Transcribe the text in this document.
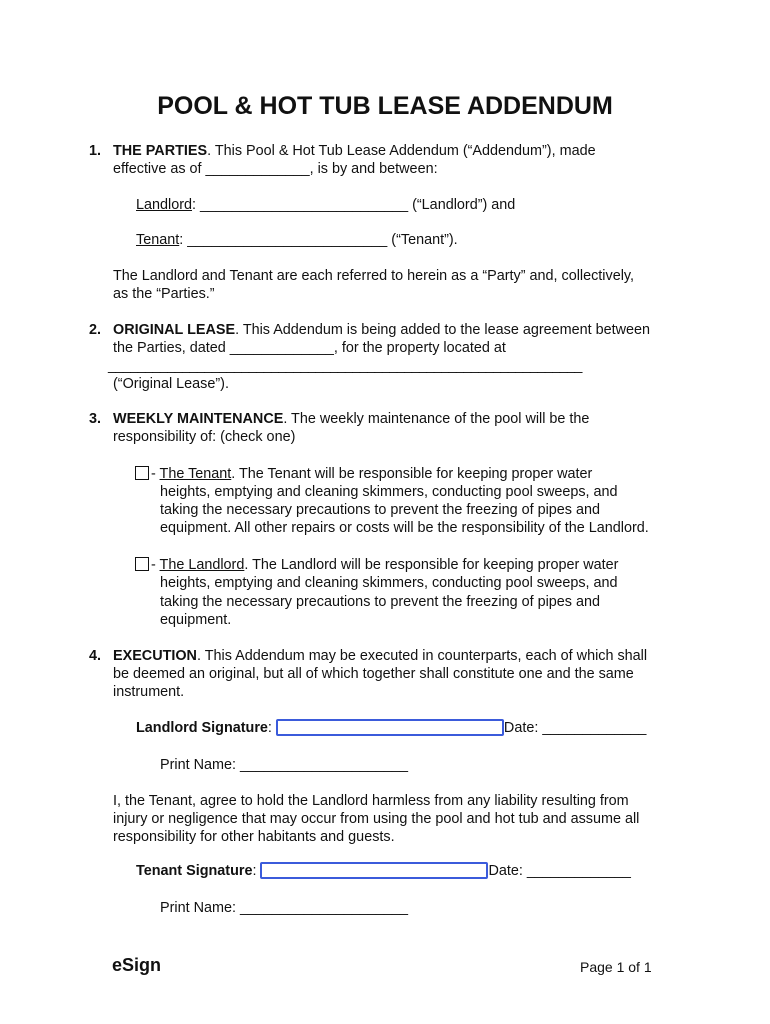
POOL & HOT TUB LEASE ADDENDUM
1. THE PARTIES. This Pool & Hot Tub Lease Addendum (“Addendum”), made
effective as of _____________, is by and between:
Landlord: __________________________ (“Landlord”) and
Tenant: _________________________ (“Tenant”).
The Landlord and Tenant are each referred to herein as a “Party” and, collectively,
as the “Parties.”
2. ORIGINAL LEASE. This Addendum is being added to the lease agreement between
the Parties, dated _____________, for the property located at
________________________________________________________________
(“Original Lease”).
3. WEEKLY MAINTENANCE. The weekly maintenance of the pool will be the
responsibility of: (check one)
- The Tenant. The Tenant will be responsible for keeping proper water
heights, emptying and cleaning skimmers, conducting pool sweeps, and
taking the necessary precautions to prevent the freezing of pipes and
equipment. All other repairs or costs will be the responsibility of the Landlord.
- The Landlord. The Landlord will be responsible for keeping proper water
heights, emptying and cleaning skimmers, conducting pool sweeps, and
taking the necessary precautions to prevent the freezing of pipes and
equipment.
4. EXECUTION. This Addendum may be executed in counterparts, each of which shall
be deemed an original, but all of which together shall constitute one and the same
instrument.
Landlord Signature:	Date: _____________
Print Name: _____________________
I, the Tenant, agree to hold the Landlord harmless from any liability resulting from
injury or negligence that may occur from using the pool and hot tub and assume all
responsibility for other habitants and guests.
Tenant Signature:	Date: _____________
Print Name: _____________________
eSign	Page 1 of 1
